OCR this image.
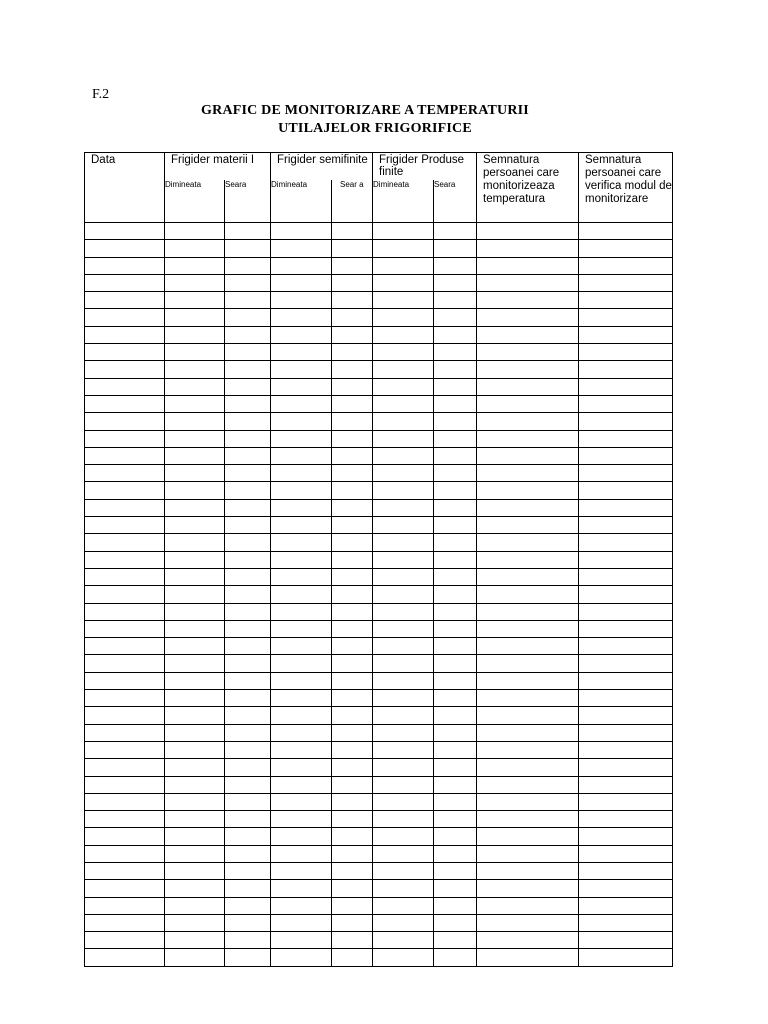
F.2
GRAFIC DE MONITORIZARE A TEMPERATURII
UTILAJELOR FRIGORIFICE
Data	Frigider materii I		Frigider semifinite		Frigider Produse finite		Semnatura persoanei care monitorizeaza temperatura	Semnatura persoanei care verifica modul de monitorizare
	Dimineata	Seara	Dimineata	Sear a	Dimineata	Seara		
